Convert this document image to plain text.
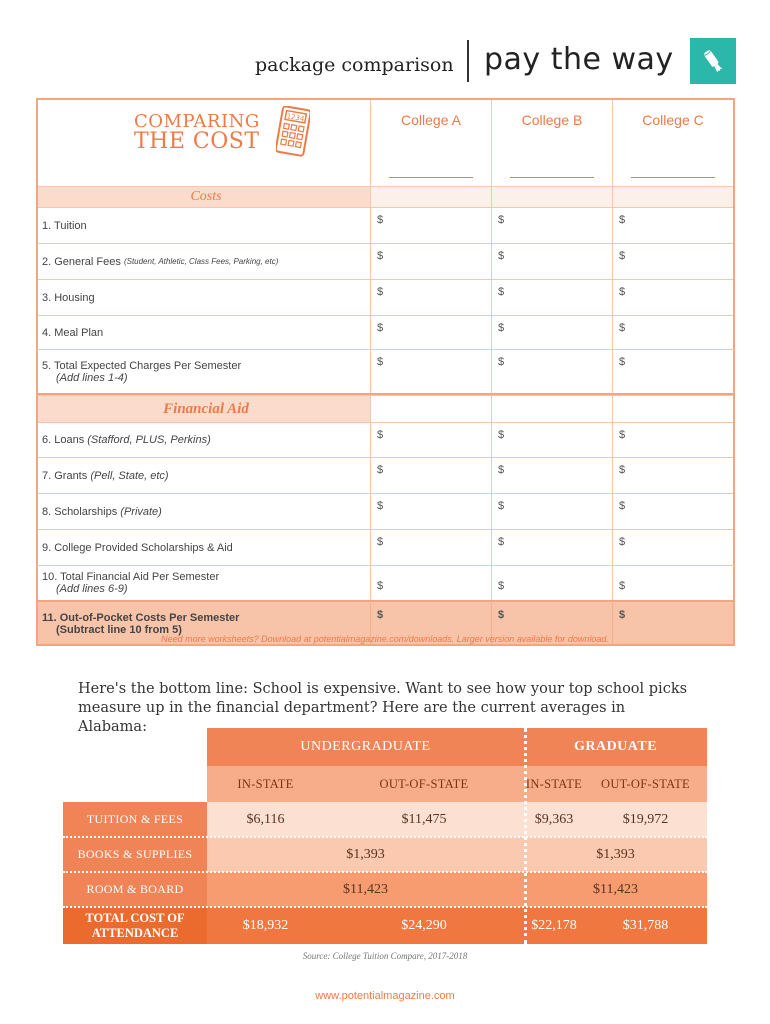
package comparison pay the way
COMPARING
THE COST
1234	College A	College B	College C
Costs
1. Tuition	$	$	$
2. General Fees
(Student, Athletic, Class Fees, Parking, etc)	$	$	$
3. Housing	$	$	$
4. Meal Plan	$	$	$
5. Total Expected Charges Per Semester
(Add lines 1-4)
$	$	$
Financial Aid
6. Loans
(Stafford, PLUS, Perkins)	$	$	$
7. Grants
(Pell, State, etc)	$	$	$
8. Scholarships
(Private)	$	$	$
9. College Provided Scholarships & Aid	$	$	$
10. Total Financial Aid Per Semester
(Add lines 6-9)	$	$	$
11. Out-of-Pocket Costs Per Semester
(Subtract line 10 from 5)
$	$	$
Need more worksheets? Download at potentialmagazine.com/downloads. Larger version available for download.
Here's the bottom line: School is expensive. Want to see how your top school picks measure up in the financial department? Here are the current averages in Alabama:
UNDERGRADUATE	GRADUATE
IN-STATE	OUT-OF-STATE	IN-STATE	OUT-OF-STATE
TUITION & FEES	$6,116	$11,475	$9,363	$19,972
BOOKS & SUPPLIES	$1,393	$1,393
ROOM & BOARD	$11,423	$11,423
TOTAL COST OF ATTENDANCE	$18,932	$24,290	$22,178	$31,788
Source: College Tuition Compare, 2017-2018
www.potentialmagazine.com
